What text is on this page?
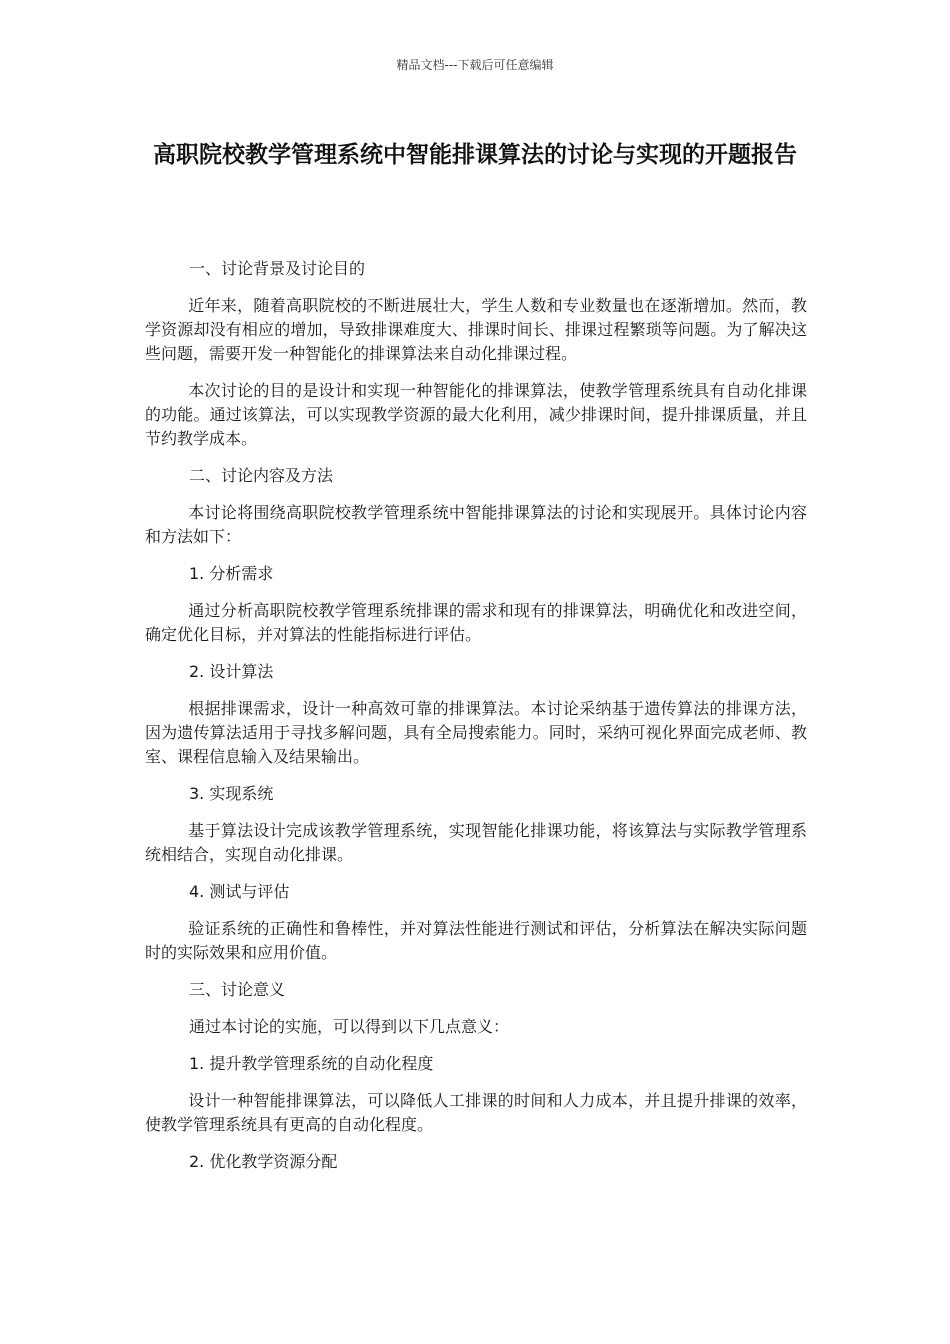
精品文档---下载后可任意编辑
高职院校教学管理系统中智能排课算法的讨论与实现的开题报告

一、讨论背景及讨论目的

近年来，随着高职院校的不断进展壮大，学生人数和专业数量也在逐渐增加。然而，教学资源却没有相应的增加，导致排课难度大、排课时间长、排课过程繁琐等问题。为了解决这些问题，需要开发一种智能化的排课算法来自动化排课过程。

本次讨论的目的是设计和实现一种智能化的排课算法，使教学管理系统具有自动化排课的功能。通过该算法，可以实现教学资源的最大化利用，减少排课时间，提升排课质量，并且节约教学成本。

二、讨论内容及方法

本讨论将围绕高职院校教学管理系统中智能排课算法的讨论和实现展开。具体讨论内容和方法如下：

1. 分析需求

通过分析高职院校教学管理系统排课的需求和现有的排课算法，明确优化和改进空间，确定优化目标，并对算法的性能指标进行评估。

2. 设计算法

根据排课需求，设计一种高效可靠的排课算法。本讨论采纳基于遗传算法的排课方法，因为遗传算法适用于寻找多解问题，具有全局搜索能力。同时，采纳可视化界面完成老师、教室、课程信息输入及结果输出。

3. 实现系统

基于算法设计完成该教学管理系统，实现智能化排课功能，将该算法与实际教学管理系统相结合，实现自动化排课。

4. 测试与评估

验证系统的正确性和鲁棒性，并对算法性能进行测试和评估，分析算法在解决实际问题时的实际效果和应用价值。

三、讨论意义

通过本讨论的实施，可以得到以下几点意义：

1. 提升教学管理系统的自动化程度

设计一种智能排课算法，可以降低人工排课的时间和人力成本，并且提升排课的效率，使教学管理系统具有更高的自动化程度。

2. 优化教学资源分配
